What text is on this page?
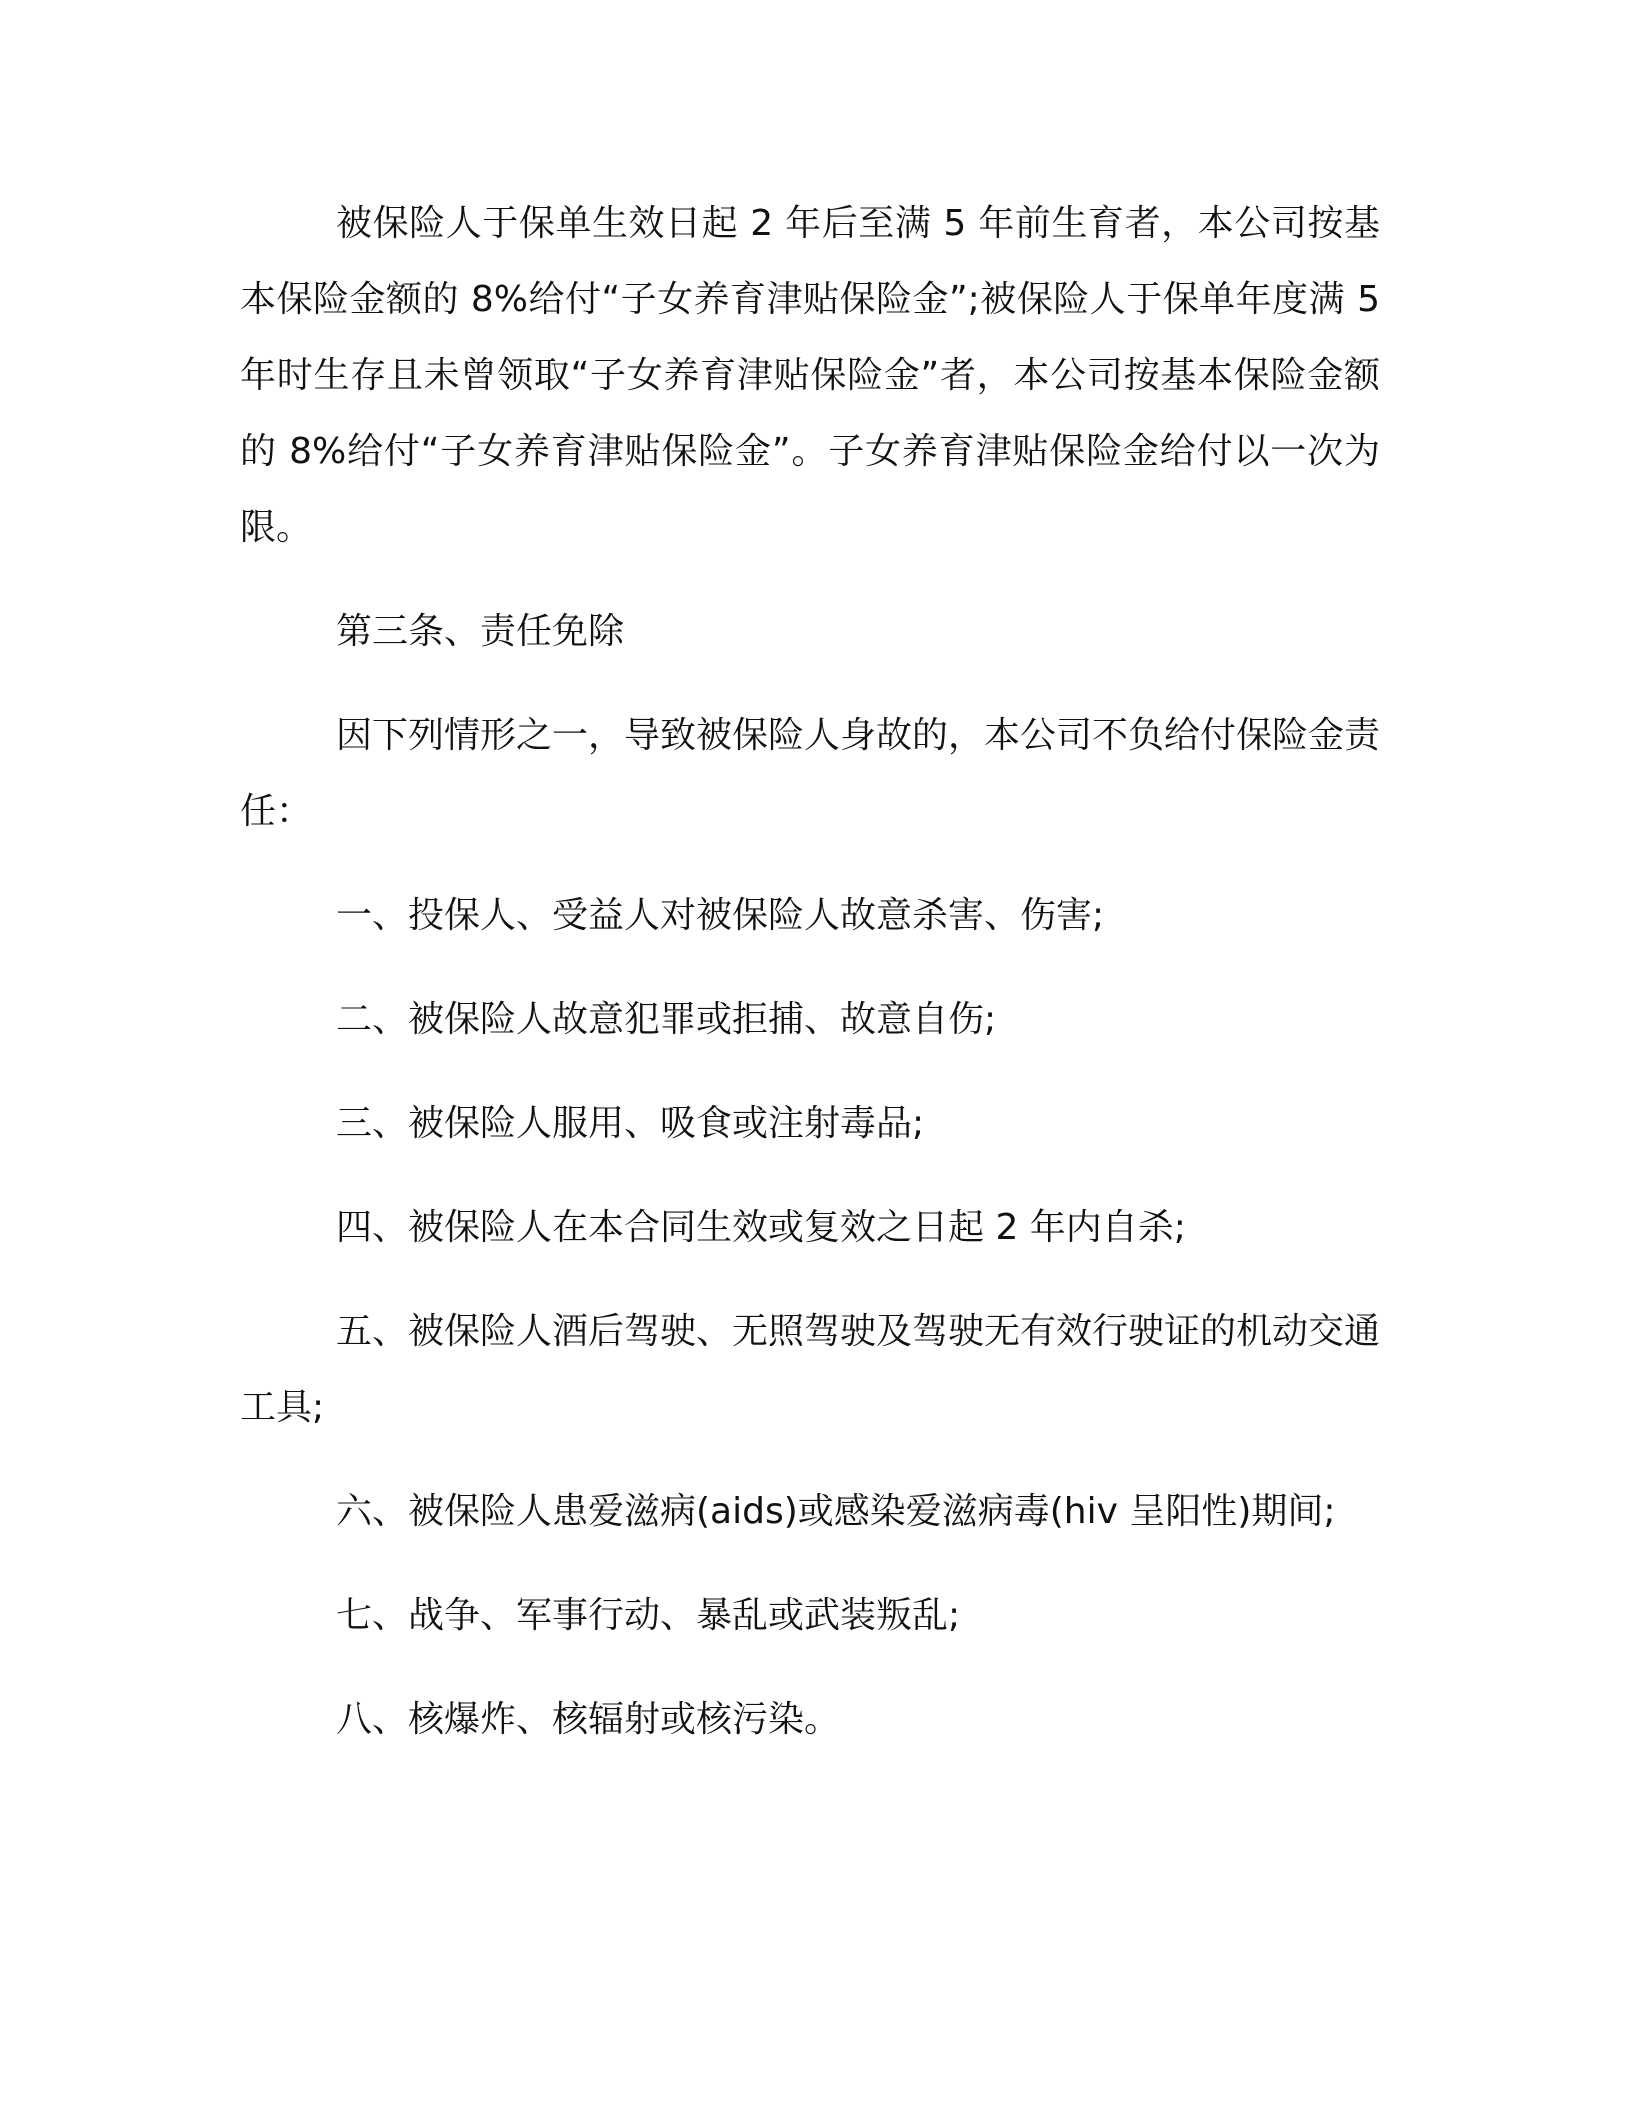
被保险人于保单生效日起 2 年后至满 5 年前生育者，本公司按基本保险金额的 8%给付“子女养育津贴保险金”;被保险人于保单年度满 5 年时生存且未曾领取“子女养育津贴保险金”者，本公司按基本保险金额的 8%给付“子女养育津贴保险金”。子女养育津贴保险金给付以一次为限。

第三条、责任免除

因下列情形之一，导致被保险人身故的，本公司不负给付保险金责任：

一、投保人、受益人对被保险人故意杀害、伤害;
二、被保险人故意犯罪或拒捕、故意自伤;
三、被保险人服用、吸食或注射毒品;
四、被保险人在本合同生效或复效之日起 2 年内自杀;
五、被保险人酒后驾驶、无照驾驶及驾驶无有效行驶证的机动交通工具;
六、被保险人患爱滋病(aids)或感染爱滋病毒(hiv 呈阳性)期间;
七、战争、军事行动、暴乱或武装叛乱;
八、核爆炸、核辐射或核污染。
